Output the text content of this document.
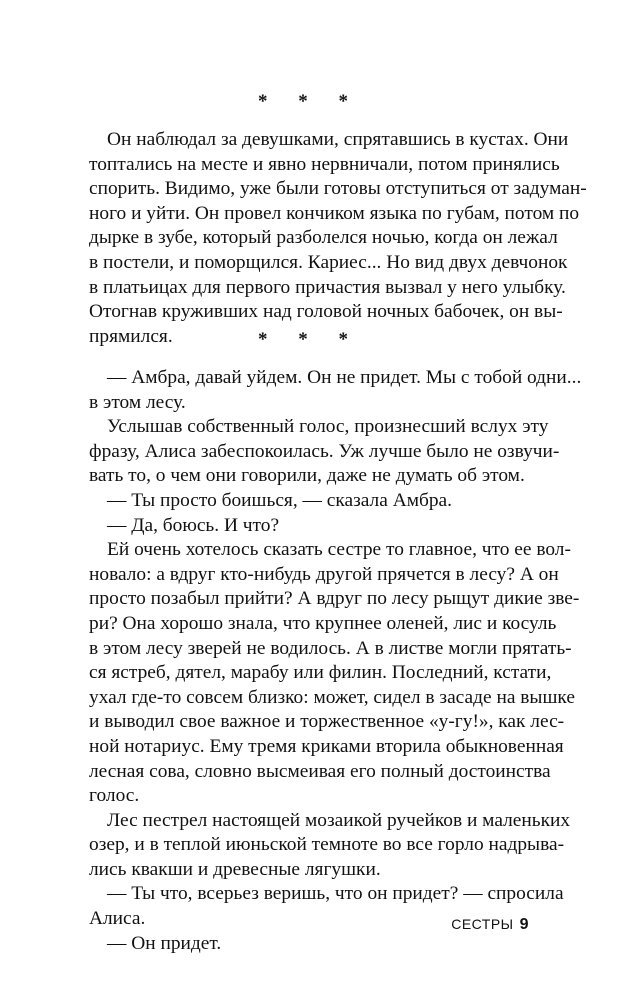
* * *
Он наблюдал за девушками, спрятавшись в кустах. Они
топтались на месте и явно нервничали, потом принялись
спорить. Видимо, уже были готовы отступиться от задуман-
ного и уйти. Он провел кончиком языка по губам, потом по
дырке в зубе, который разболелся ночью, когда он лежал
в постели, и поморщился. Кариес... Но вид двух девчонок
в платьицах для первого причастия вызвал у него улыбку.
Отогнав круживших над головой ночных бабочек, он вы-
прямился.	* * *
— Амбра, давай уйдем. Он не придет. Мы с тобой одни...
в этом лесу.
Услышав собственный голос, произнесший вслух эту
фразу, Алиса забеспокоилась. Уж лучше было не озвучи-
вать то, о чем они говорили, даже не думать об этом.
— Ты просто боишься, — сказала Амбра.
— Да, боюсь. И что?
Ей очень хотелось сказать сестре то главное, что ее вол-
новало: а вдруг кто-нибудь другой прячется в лесу? А он
просто позабыл прийти? А вдруг по лесу рыщут дикие зве-
ри? Она хорошо знала, что крупнее оленей, лис и косуль
в этом лесу зверей не водилось. А в листве могли прятать-
ся ястреб, дятел, марабу или филин. Последний, кстати,
ухал где-то совсем близко: может, сидел в засаде на вышке
и выводил свое важное и торжественное «у-гу!», как лес-
ной нотариус. Ему тремя криками вторила обыкновенная
лесная сова, словно высмеивая его полный достоинства
голос.
Лес пестрел настоящей мозаикой ручейков и маленьких
озер, и в теплой июньской темноте во все горло надрыва-
лись квакши и древесные лягушки.
— Ты что, всерьез веришь, что он придет? — спросила
Алиса.
— Он придет.
СЕСТРЫ 9
